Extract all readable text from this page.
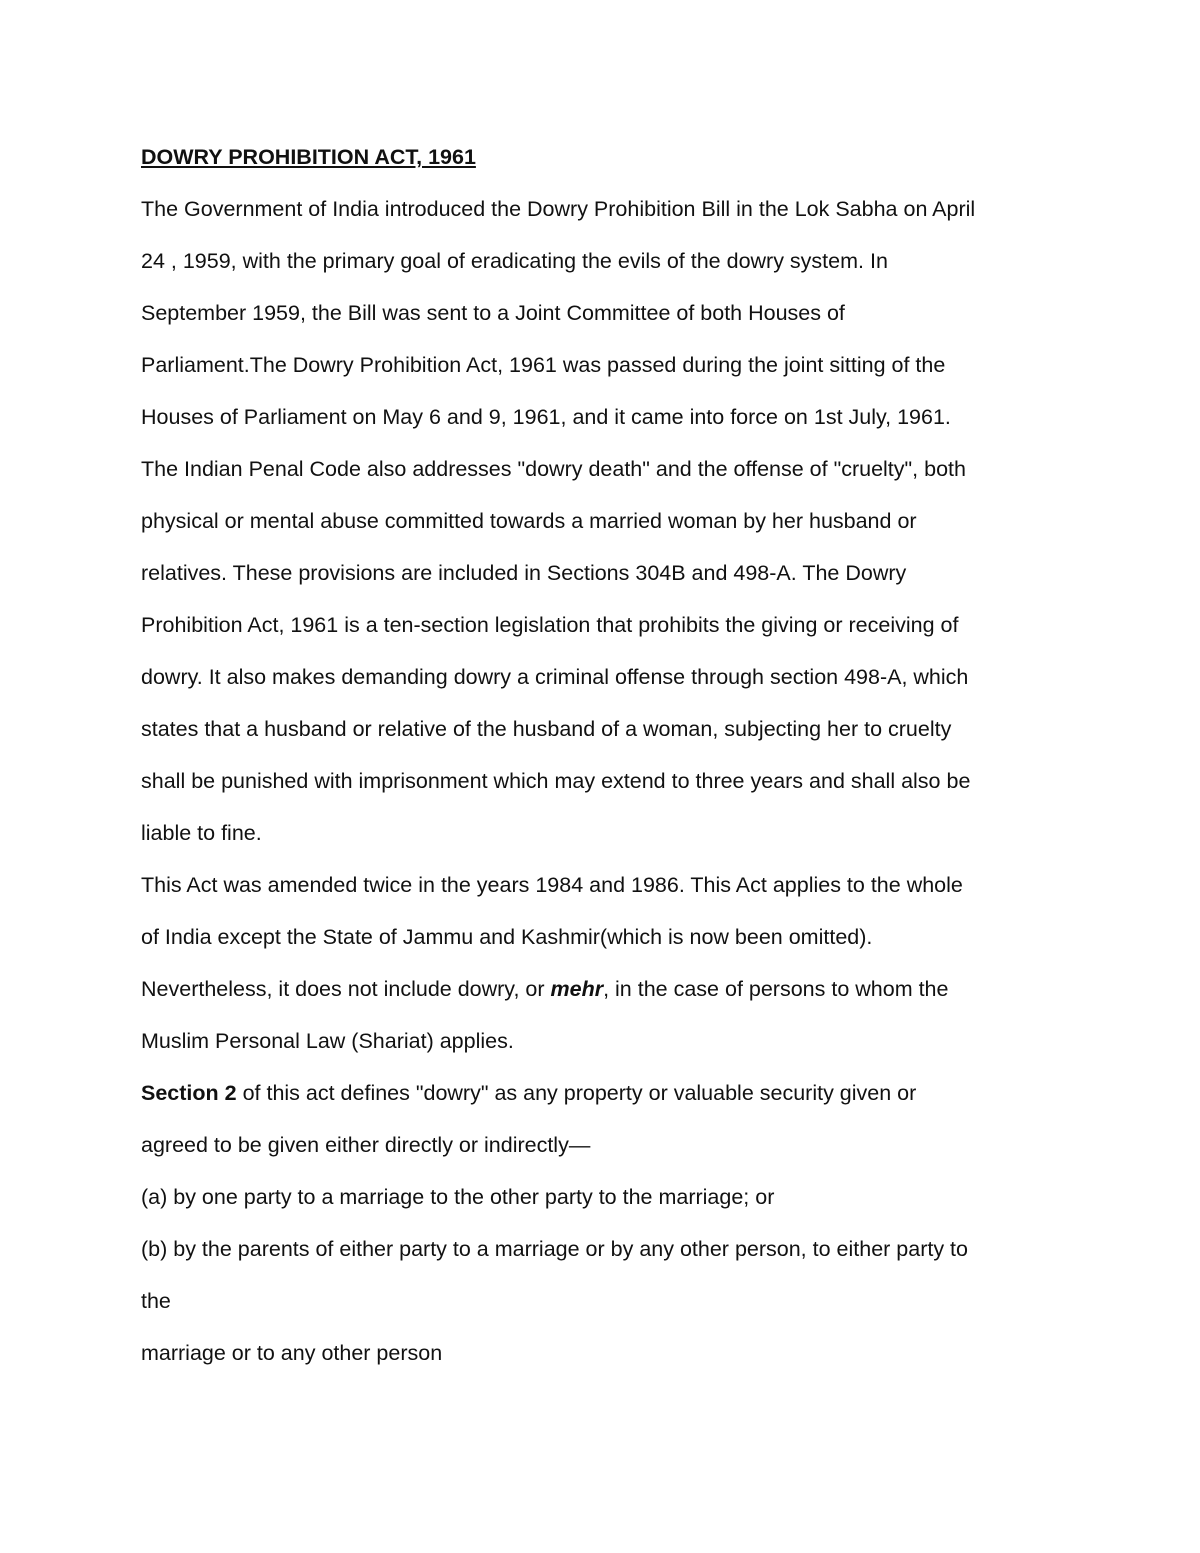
DOWRY PROHIBITION ACT, 1961
The Government of India introduced the Dowry Prohibition Bill in the Lok Sabha on April
24 , 1959, with the primary goal of eradicating the evils of the dowry system. In
September 1959, the Bill was sent to a Joint Committee of both Houses of
Parliament.The Dowry Prohibition Act, 1961 was passed during the joint sitting of the
Houses of Parliament on May 6 and 9, 1961, and it came into force on 1st July, 1961.
The Indian Penal Code also addresses "dowry death" and the offense of "cruelty", both
physical or mental abuse committed towards a married woman by her husband or
relatives. These provisions are included in Sections 304B and 498-A. The Dowry
Prohibition Act, 1961 is a ten-section legislation that prohibits the giving or receiving of
dowry. It also makes demanding dowry a criminal offense through section 498-A, which
states that a husband or relative of the husband of a woman, subjecting her to cruelty
shall be punished with imprisonment which may extend to three years and shall also be
liable to fine.
This Act was amended twice in the years 1984 and 1986. This Act applies to the whole
of India except the State of Jammu and Kashmir(which is now been omitted).
Nevertheless, it does not include dowry, or mehr, in the case of persons to whom the
Muslim Personal Law (Shariat) applies.
Section 2 of this act defines "dowry" as any property or valuable security given or
agreed to be given either directly or indirectly—
(a) by one party to a marriage to the other party to the marriage; or
(b) by the parents of either party to a marriage or by any other person, to either party to
the
marriage or to any other person
